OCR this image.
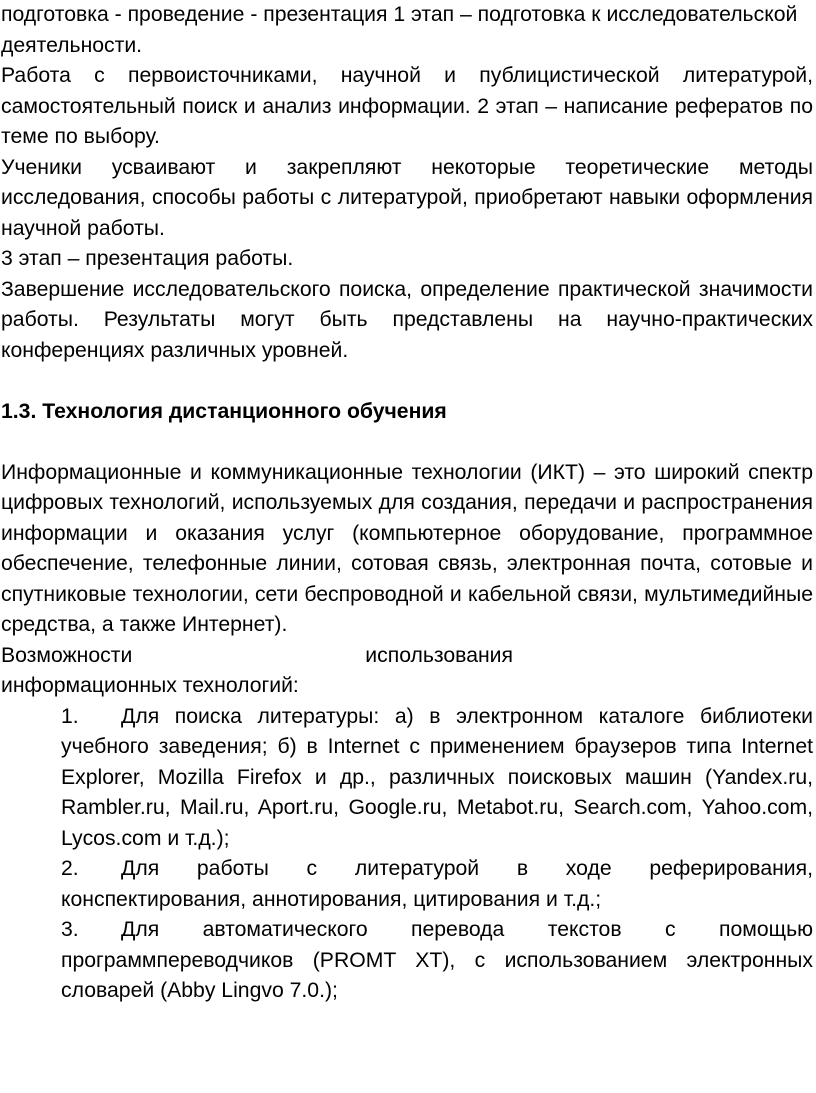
подготовка - проведение - презентация 1 этап – подготовка к исследовательской деятельности.

Работа с первоисточниками, научной и публицистической литературой, самостоятельный поиск и анализ информации. 2 этап – написание рефератов по теме по выбору.

Ученики усваивают и закрепляют некоторые теоретические методы исследования, способы работы с литературой, приобретают навыки оформления научной работы.

3 этап – презентация работы.

Завершение исследовательского поиска, определение практической значимости работы. Результаты могут быть представлены на научно-практических конференциях различных уровней.

1.3. Технология дистанционного обучения

Информационные и коммуникационные технологии (ИКТ) – это широкий спектр цифровых технологий, используемых для создания, передачи и распространения информации и оказания услуг (компьютерное оборудование, программное обеспечение, телефонные линии, сотовая связь, электронная почта, сотовые и спутниковые технологии, сети беспроводной и кабельной связи, мультимедийные средства, а также Интернет).

Возможности	использования

информационных технологий:

1. Для поиска литературы: а) в электронном каталоге библиотеки учебного заведения; б) в Internet с применением браузеров типа Internet Explorer, Mozilla Firefox и др., различных поисковых машин (Yandex.ru, Rambler.ru, Mail.ru, Aport.ru, Google.ru, Metabot.ru, Search.com, Yahoo.com, Lycos.com и т.д.);
2. Для работы с литературой в ходе реферирования, конспектирования, аннотирования, цитирования и т.д.;
3. Для автоматического перевода текстов с помощью программпереводчиков (PROMT XT), с использованием электронных словарей (Abby Lingvo 7.0.);
